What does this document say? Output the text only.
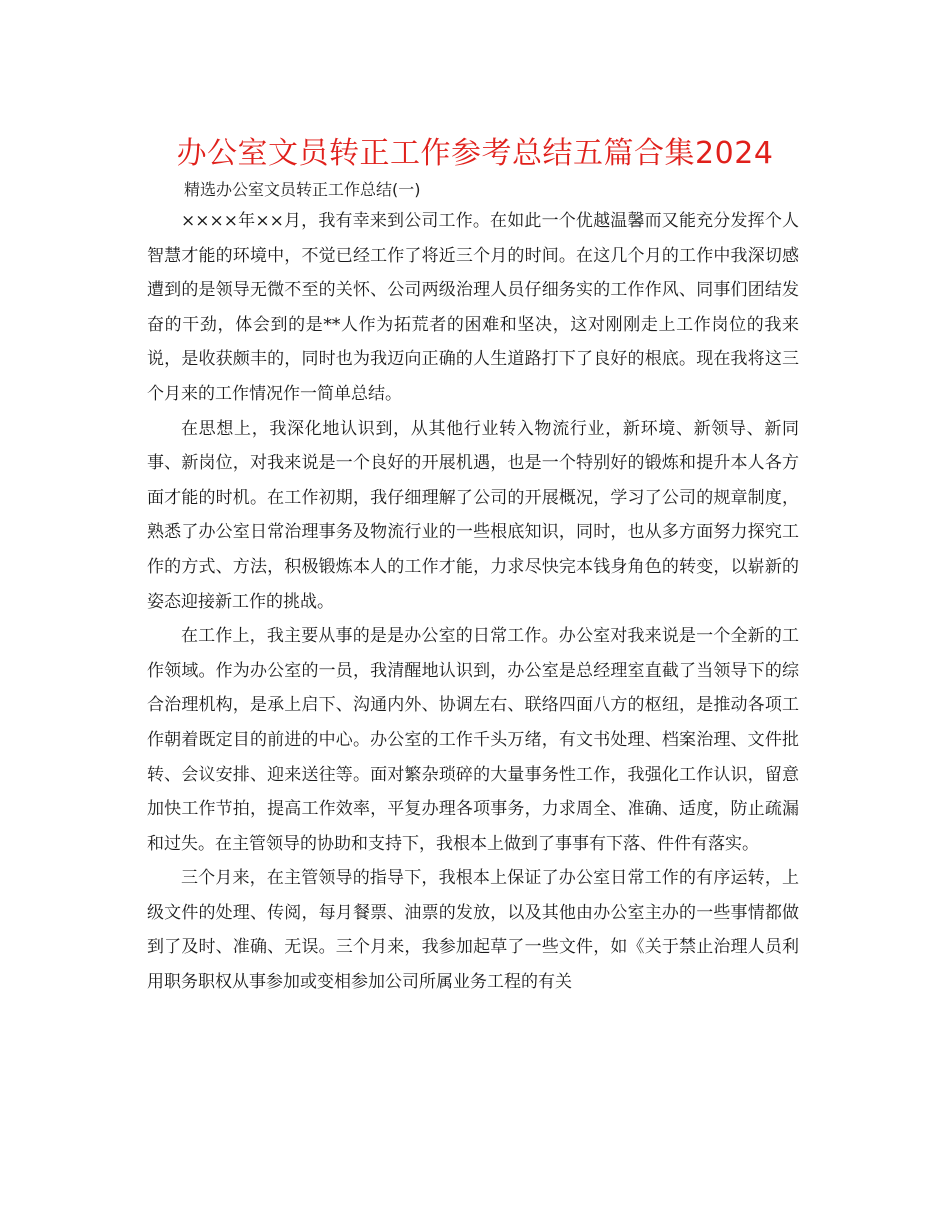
办公室文员转正工作参考总结五篇合集2024
精选办公室文员转正工作总结(一)

××××年××月，我有幸来到公司工作。在如此一个优越温馨而又能充分发挥个人智慧才能的环境中，不觉已经工作了将近三个月的时间。在这几个月的工作中我深切感遭到的是领导无微不至的关怀、公司两级治理人员仔细务实的工作作风、同事们团结发奋的干劲，体会到的是**人作为拓荒者的困难和坚决，这对刚刚走上工作岗位的我来说，是收获颇丰的，同时也为我迈向正确的人生道路打下了良好的根底。现在我将这三个月来的工作情况作一简单总结。

在思想上，我深化地认识到，从其他行业转入物流行业，新环境、新领导、新同事、新岗位，对我来说是一个良好的开展机遇，也是一个特别好的锻炼和提升本人各方面才能的时机。在工作初期，我仔细理解了公司的开展概况，学习了公司的规章制度，熟悉了办公室日常治理事务及物流行业的一些根底知识，同时，也从多方面努力探究工作的方式、方法，积极锻炼本人的工作才能，力求尽快完本钱身角色的转变，以崭新的姿态迎接新工作的挑战。

在工作上，我主要从事的是是办公室的日常工作。办公室对我来说是一个全新的工作领域。作为办公室的一员，我清醒地认识到，办公室是总经理室直截了当领导下的综合治理机构，是承上启下、沟通内外、协调左右、联络四面八方的枢纽，是推动各项工作朝着既定目的前进的中心。办公室的工作千头万绪，有文书处理、档案治理、文件批转、会议安排、迎来送往等。面对繁杂琐碎的大量事务性工作，我强化工作认识，留意加快工作节拍，提高工作效率，平复办理各项事务，力求周全、准确、适度，防止疏漏和过失。在主管领导的协助和支持下，我根本上做到了事事有下落、件件有落实。

三个月来，在主管领导的指导下，我根本上保证了办公室日常工作的有序运转，上级文件的处理、传阅，每月餐票、油票的发放，以及其他由办公室主办的一些事情都做到了及时、准确、无误。三个月来，我参加起草了一些文件，如《关于禁止治理人员利用职务职权从事参加或变相参加公司所属业务工程的有关
